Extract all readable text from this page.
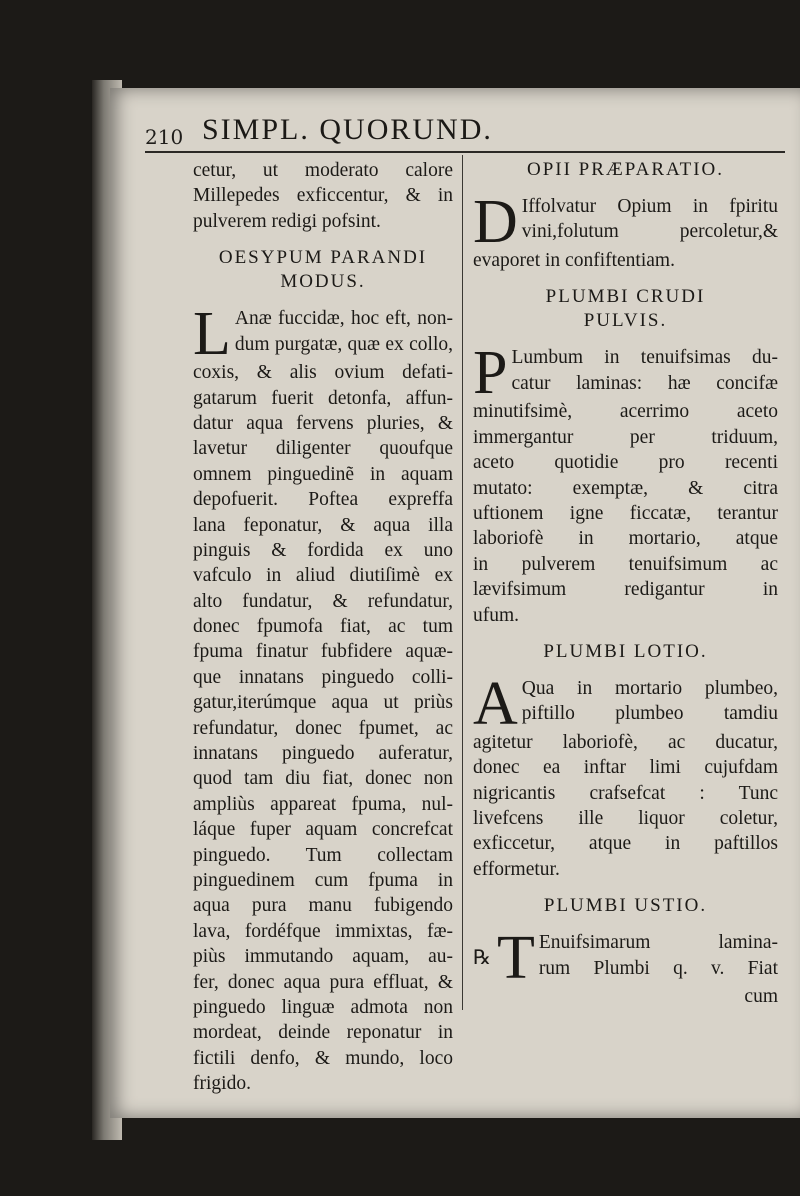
210 SIMPL. QUORUND.
cetur, ut moderato calore
Millepedes exficcentur, & in
pulverem redigi pofsint.
OESYPUM PARANDI
MODUS.
L Anæ fuccidæ, hoc eft, non-
dum purgatæ, quæ ex collo,
coxis, & alis ovium defati-
gatarum fuerit detonfa, affun-
datur aqua fervens pluries, &
lavetur diligenter quoufque
omnem pinguedinẽ in aquam
depofuerit. Poftea expreffa
lana feponatur, & aqua illa
pinguis & fordida ex uno
vafculo in aliud diutiſimè ex
alto fundatur, & refundatur,
donec fpumofa fiat, ac tum
fpuma finatur fubfidere aquæ-
que innatans pinguedo colli-
gatur,iterúmque aqua ut priùs
refundatur, donec fpumet, ac
innatans pinguedo auferatur,
quod tam diu fiat, donec non
ampliùs appareat fpuma, nul-
láque fuper aquam concrefcat
pinguedo. Tum collectam
pinguedinem cum fpuma in
aqua pura manu fubigendo
lava, fordéfque immixtas, fæ-
piùs immutando aquam, au-
fer, donec aqua pura effluat, &
pinguedo linguæ admota non
mordeat, deinde reponatur in
fictili denfo, & mundo, loco
frigido.
OPII PRÆPARATIO.
D Iffolvatur Opium in fpiritu
vini,folutum percoletur,&
evaporet in confiftentiam.
PLUMBI CRUDI
PULVIS.
P Lumbum in tenuifsimas du-
catur laminas: hæ concifæ
minutifsimè, acerrimo aceto
immergantur per triduum,
aceto quotidie pro recenti
mutato: exemptæ, & citra
uftionem igne ficcatæ, terantur
laboriofè in mortario, atque
in pulverem tenuifsimum ac
lævifsimum redigantur in
ufum.
PLUMBI LOTIO.
A Qua in mortario plumbeo,
piftillo plumbeo tamdiu
agitetur laboriofè, ac ducatur,
donec ea inftar limi cujufdam
nigricantis crafsefcat : Tunc
livefcens ille liquor coletur,
exficcetur, atque in paftillos
efformetur.
PLUMBI USTIO.
℞T Enuifsimarum lamina-
rum Plumbi q. v. Fiat
cum
